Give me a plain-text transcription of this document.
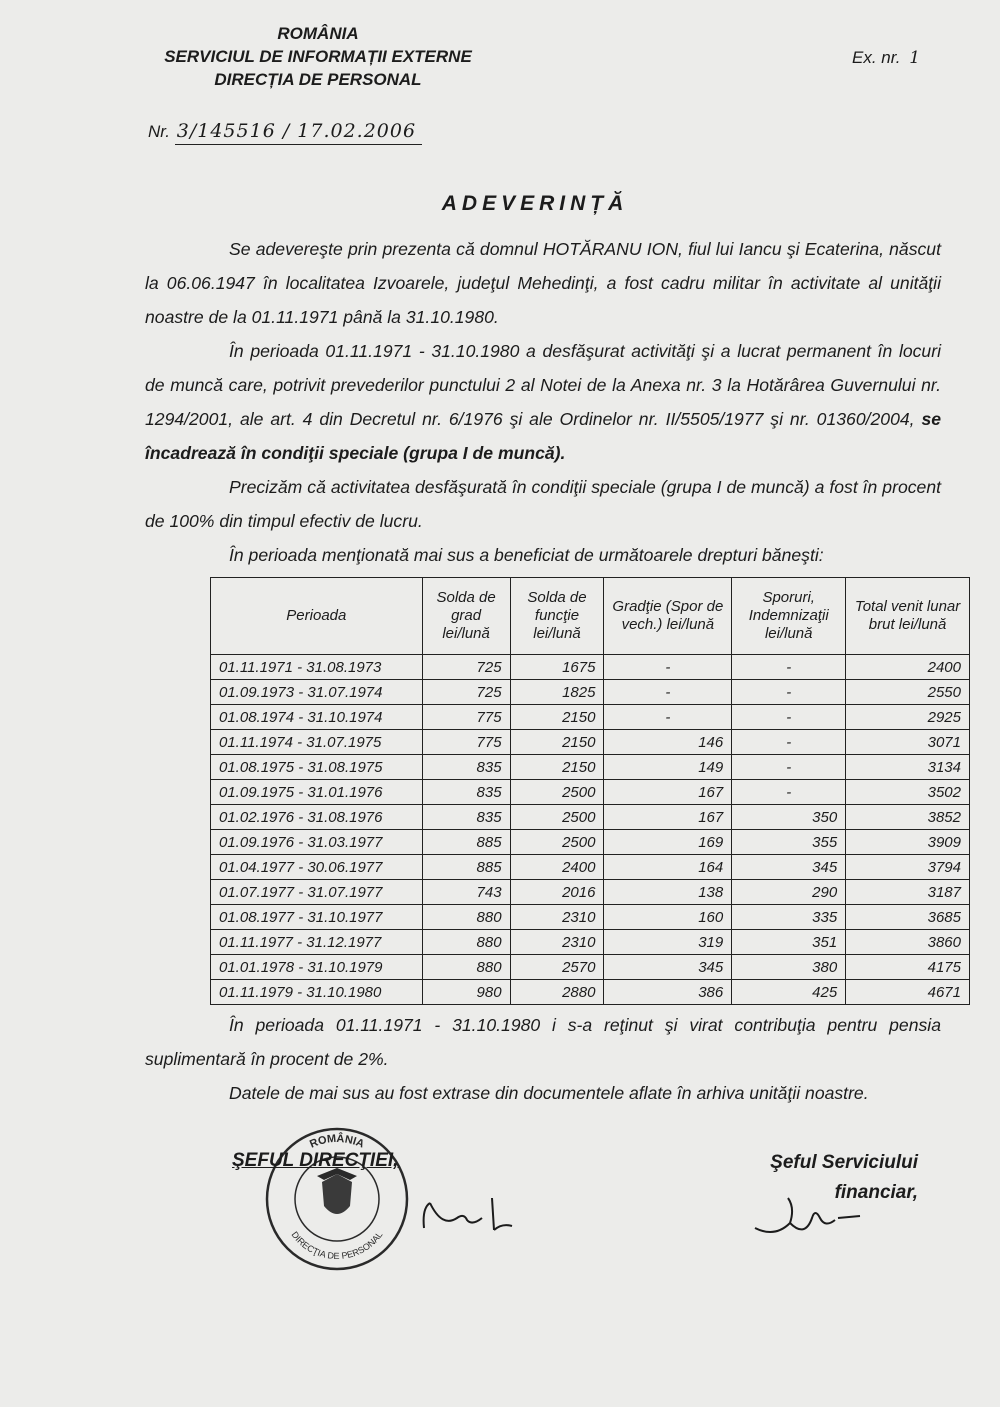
ROMÂNIA
SERVICIUL DE INFORMAȚII EXTERNE
DIRECȚIA DE PERSONAL
Ex. nr. 1
Nr. 3/145516 / 17.02.2006
ADEVERINȚĂ

Se adevereşte prin prezenta că domnul HOTĂRANU ION, fiul lui Iancu şi Ecaterina, născut la 06.06.1947 în localitatea Izvoarele, judeţul Mehedinţi, a fost cadru militar în activitate al unităţii noastre de la 01.11.1971 până la 31.10.1980.

În perioada 01.11.1971 - 31.10.1980 a desfăşurat activităţi şi a lucrat permanent în locuri de muncă care, potrivit prevederilor punctului 2 al Notei de la Anexa nr. 3 la Hotărârea Guvernului nr. 1294/2001, ale art. 4 din Decretul nr. 6/1976 şi ale Ordinelor nr. II/5505/1977 şi nr. 01360/2004, se încadrează în condiţii speciale (grupa I de muncă).

Precizăm că activitatea desfăşurată în condiţii speciale (grupa I de muncă) a fost în procent de 100% din timpul efectiv de lucru.

În perioada menţionată mai sus a beneficiat de următoarele drepturi băneşti:

Perioada	Solda de grad lei/lună	Solda de funcţie lei/lună	Gradţie (Spor de vech.) lei/lună	Sporuri, Indemnizaţii lei/lună	Total venit lunar brut lei/lună
01.11.1971 - 31.08.1973	725	1675	-	-	2400
01.09.1973 - 31.07.1974	725	1825	-	-	2550
01.08.1974 - 31.10.1974	775	2150	-	-	2925
01.11.1974 - 31.07.1975	775	2150	146	-	3071
01.08.1975 - 31.08.1975	835	2150	149	-	3134
01.09.1975 - 31.01.1976	835	2500	167	-	3502
01.02.1976 - 31.08.1976	835	2500	167	350	3852
01.09.1976 - 31.03.1977	885	2500	169	355	3909
01.04.1977 - 30.06.1977	885	2400	164	345	3794
01.07.1977 - 31.07.1977	743	2016	138	290	3187
01.08.1977 - 31.10.1977	880	2310	160	335	3685
01.11.1977 - 31.12.1977	880	2310	319	351	3860
01.01.1978 - 31.10.1979	880	2570	345	380	4175
01.11.1979 - 31.10.1980	980	2880	386	425	4671

În perioada 01.11.1971 - 31.10.1980 i s-a reţinut şi virat contribuţia pentru pensia suplimentară în procent de 2%.

Datele de mai sus au fost extrase din documentele aflate în arhiva unităţii noastre.

ROMÂNIA
DIRECŢIA DE PERSONAL
ŞEFUL DIRECŢIEI,	Şeful Serviciului
financiar,
